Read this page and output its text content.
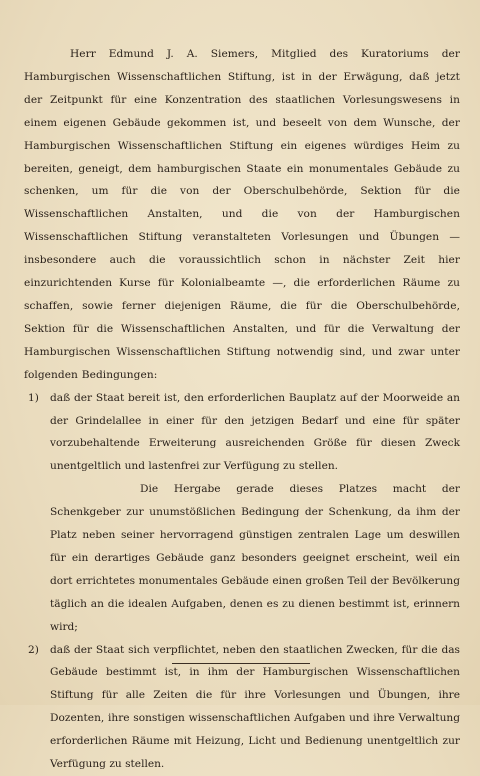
Herr Edmund J. A. Siemers, Mitglied des Kuratoriums der Hamburgischen Wissenschaftlichen Stiftung, ist in der Erwägung, daß jetzt der Zeitpunkt für eine Konzentration des staatlichen Vorlesungswesens in einem eigenen Gebäude gekommen ist, und beseelt von dem Wunsche, der Hamburgischen Wissenschaftlichen Stiftung ein eigenes würdiges Heim zu bereiten, geneigt, dem hamburgischen Staate ein monumentales Gebäude zu schenken, um für die von der Oberschulbehörde, Sektion für die Wissenschaftlichen Anstalten, und die von der Hamburgischen Wissenschaftlichen Stiftung veranstalteten Vorlesungen und Übungen — insbesondere auch die voraussichtlich schon in nächster Zeit hier einzurichtenden Kurse für Kolonialbeamte —, die erforderlichen Räume zu schaffen, sowie ferner diejenigen Räume, die für die Oberschulbehörde, Sektion für die Wissenschaftlichen Anstalten, und für die Verwaltung der Hamburgischen Wissenschaftlichen Stiftung notwendig sind, und zwar unter folgenden Bedingungen:

1) daß der Staat bereit ist, den erforderlichen Bauplatz auf der Moorweide an der Grindelallee in einer für den jetzigen Bedarf und eine für später vorzubehaltende Erweiterung ausreichenden Größe für diesen Zweck unentgeltlich und lastenfrei zur Verfügung zu stellen.

Die Hergabe gerade dieses Platzes macht der Schenkgeber zur unumstößlichen Bedingung der Schenkung, da ihm der Platz neben seiner hervorragend günstigen zentralen Lage um deswillen für ein derartiges Gebäude ganz besonders geeignet erscheint, weil ein dort errichtetes monumentales Gebäude einen großen Teil der Bevölkerung täglich an die idealen Aufgaben, denen es zu dienen bestimmt ist, erinnern wird;

2) daß der Staat sich verpflichtet, neben den staatlichen Zwecken, für die das Gebäude bestimmt ist, in ihm der Hamburgischen Wissenschaftlichen Stiftung für alle Zeiten die für ihre Vorlesungen und Übungen, ihre Dozenten, ihre sonstigen wissenschaftlichen Aufgaben und ihre Verwaltung erforderlichen Räume mit Heizung, Licht und Bedienung unentgeltlich zur Verfügung zu stellen.
